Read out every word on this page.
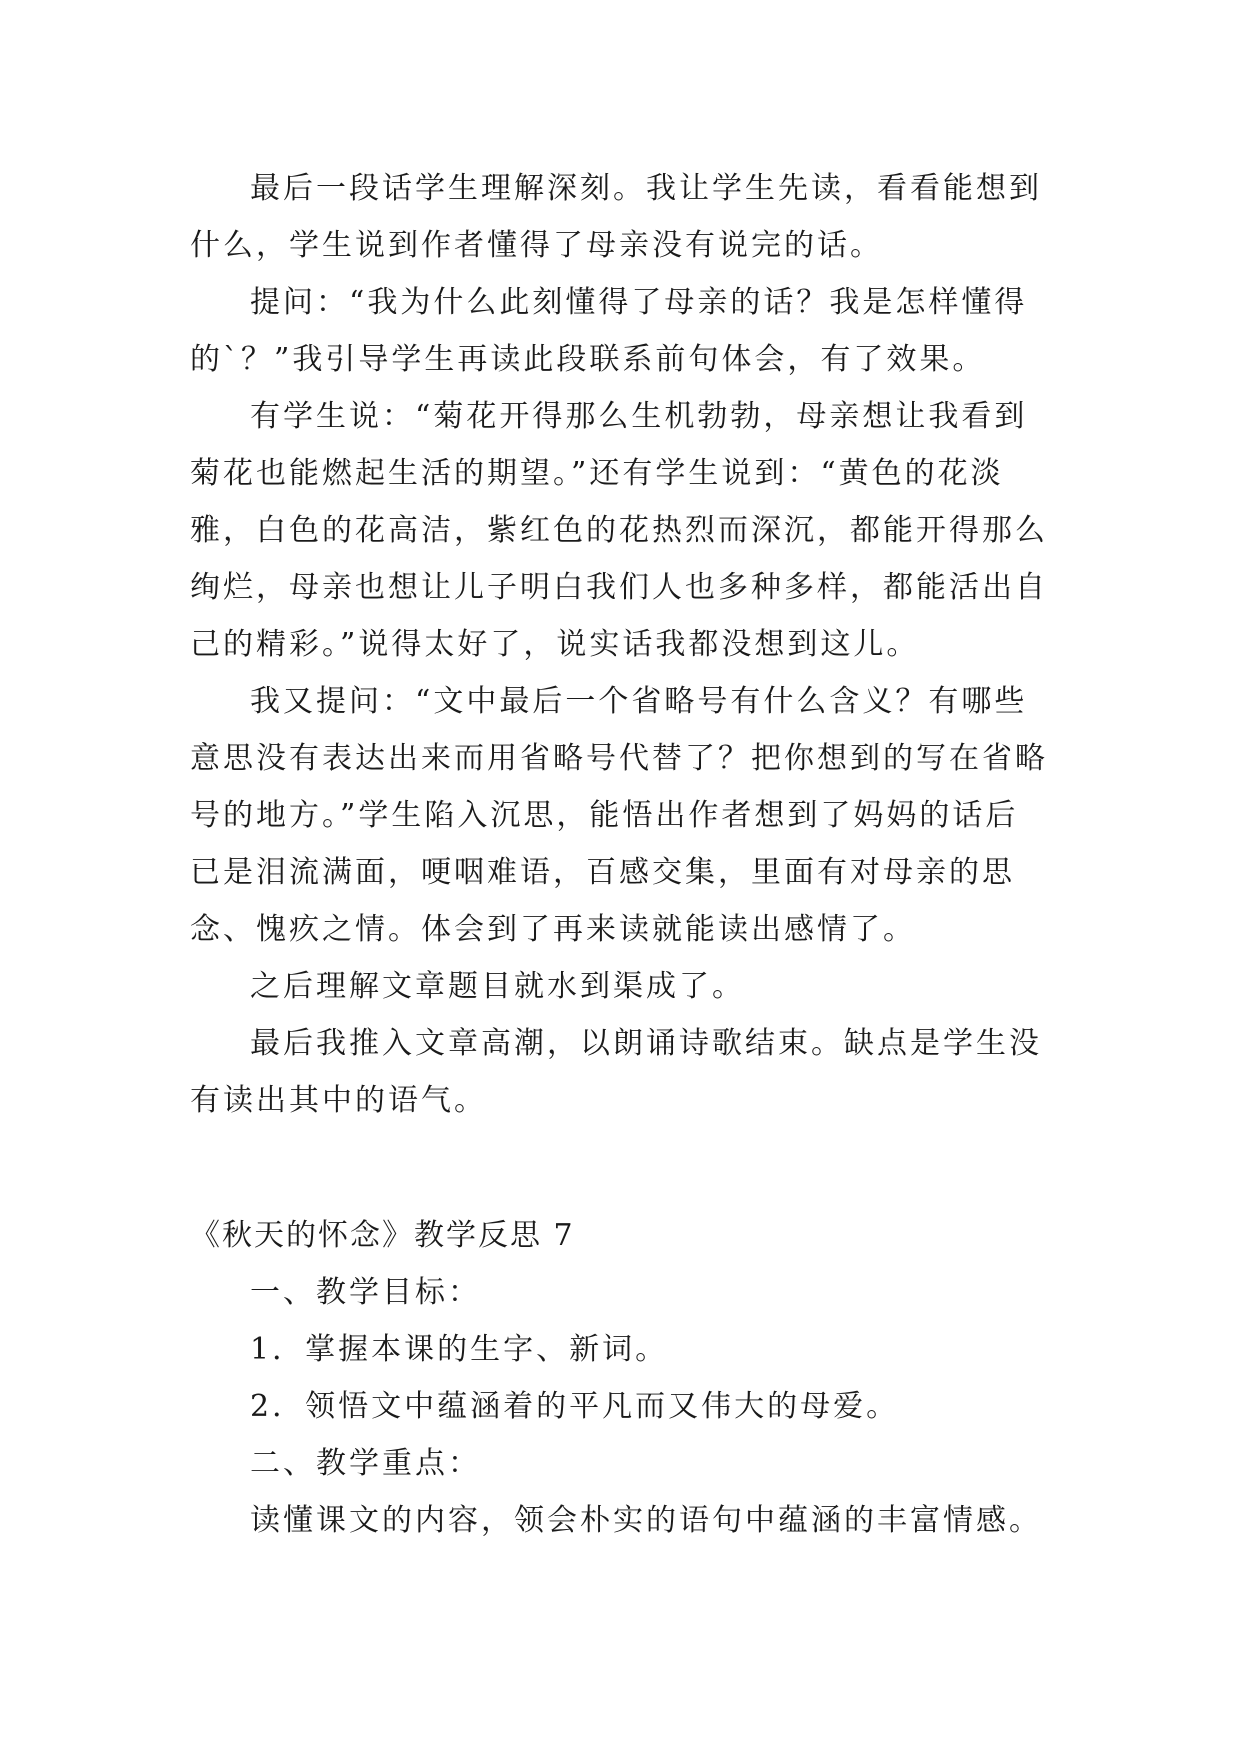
最后一段话学生理解深刻。我让学生先读，看看能想到什么，学生说到作者懂得了母亲没有说完的话。

提问：“我为什么此刻懂得了母亲的话？我是怎样懂得的`？”我引导学生再读此段联系前句体会，有了效果。

有学生说：“菊花开得那么生机勃勃，母亲想让我看到菊花也能燃起生活的期望。”还有学生说到：“黄色的花淡雅，白色的花高洁，紫红色的花热烈而深沉，都能开得那么绚烂，母亲也想让儿子明白我们人也多种多样，都能活出自己的精彩。”说得太好了，说实话我都没想到这儿。

我又提问：“文中最后一个省略号有什么含义？有哪些意思没有表达出来而用省略号代替了？把你想到的写在省略号的地方。”学生陷入沉思，能悟出作者想到了妈妈的话后已是泪流满面，哽咽难语，百感交集，里面有对母亲的思念、愧疚之情。体会到了再来读就能读出感情了。

之后理解文章题目就水到渠成了。

最后我推入文章高潮，以朗诵诗歌结束。缺点是学生没有读出其中的语气。

《秋天的怀念》教学反思 7

一、教学目标：

1．掌握本课的生字、新词。

2．领悟文中蕴涵着的平凡而又伟大的母爱。

二、教学重点：

读懂课文的内容，领会朴实的语句中蕴涵的丰富情感。
